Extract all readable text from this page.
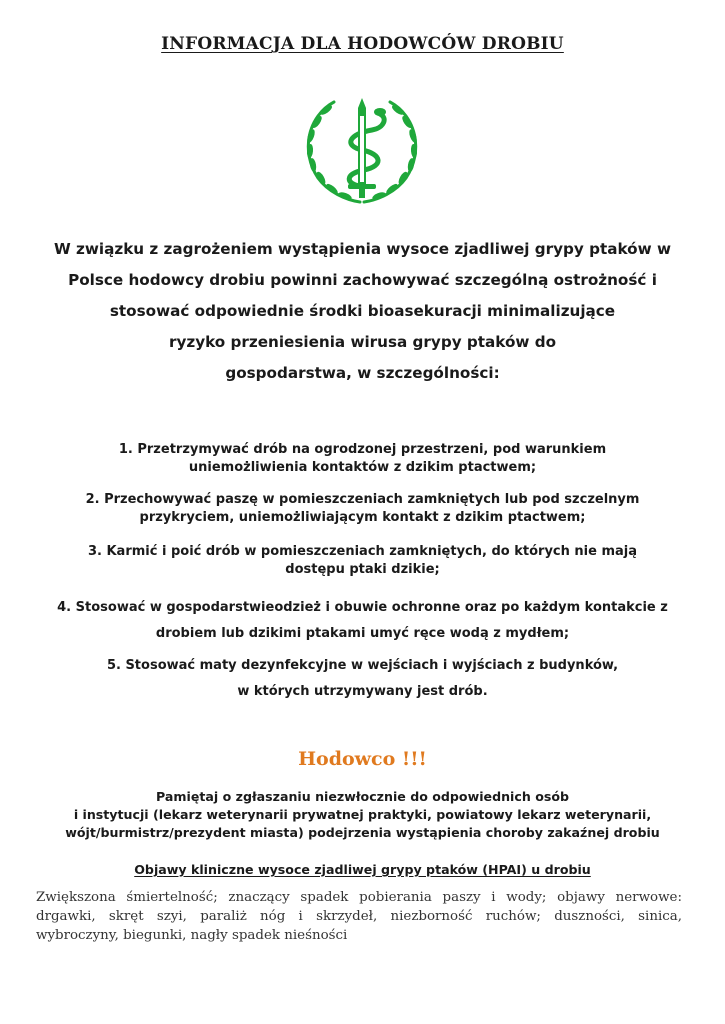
INFORMACJA DLA HODOWCÓW DROBIU
W związku z zagrożeniem wystąpienia wysoce zjadliwej grypy ptaków w
Polsce hodowcy drobiu powinni zachowywać szczególną ostrożność i
stosować odpowiednie środki bioasekuracji minimalizujące
ryzyko przeniesienia wirusa grypy ptaków do
gospodarstwa, w szczególności:
1. Przetrzymywać drób na ogrodzonej przestrzeni, pod warunkiem
uniemożliwienia kontaktów z dzikim ptactwem;
2. Przechowywać paszę w pomieszczeniach zamkniętych lub pod szczelnym
przykryciem, uniemożliwiającym kontakt z dzikim ptactwem;
3. Karmić i poić drób w pomieszczeniach zamkniętych, do których nie mają
dostępu ptaki dzikie;
4. Stosować w gospodarstwieodzież i obuwie ochronne oraz po każdym kontakcie z
drobiem lub dzikimi ptakami umyć ręce wodą z mydłem;
5. Stosować maty dezynfekcyjne w wejściach i wyjściach z budynków,
w których utrzymywany jest drób.
Hodowco !!!
Pamiętaj o zgłaszaniu niezwłocznie do odpowiednich osób
i instytucji (lekarz weterynarii prywatnej praktyki, powiatowy lekarz weterynarii,
wójt/burmistrz/prezydent miasta) podejrzenia wystąpienia choroby zakaźnej drobiu
Objawy kliniczne wysoce zjadliwej grypy ptaków (HPAI) u drobiu
Zwiększona śmiertelność; znaczący spadek pobierania paszy i wody; objawy nerwowe:
drgawki, skręt szyi, paraliż nóg i skrzydeł, niezborność ruchów; duszności, sinica,
wybroczyny, biegunki, nagły spadek nieśności
